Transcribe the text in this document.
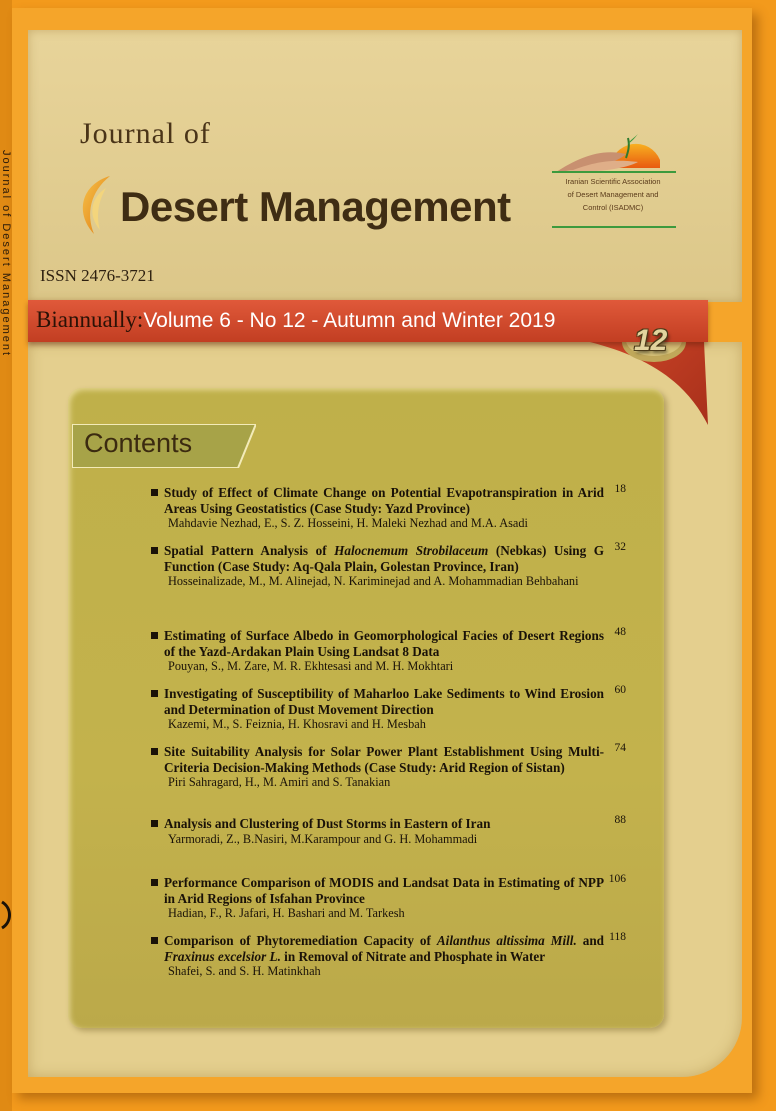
Journal of Desert Management
Journal of
Desert Management
ISSN 2476-3721
Iranian Scientific Association
of Desert Management and
Control (ISADMC)
Biannually:Volume 6 - No 12 - Autumn and Winter 2019
12
Contents
Study of Effect of Climate Change on Potential Evapotranspiration in Arid Areas Using Geostatistics (Case Study: Yazd Province)
Mahdavie Nezhad, E., S. Z. Hosseini, H. Maleki Nezhad and M.A. Asadi
18
Spatial Pattern Analysis of Halocnemum Strobilaceum (Nebkas) Using G Function (Case Study: Aq-Qala Plain, Golestan Province, Iran)
Hosseinalizade, M., M. Alinejad, N. Kariminejad and A. Mohammadian Behbahani
32
Estimating of Surface Albedo in Geomorphological Facies of Desert Regions of the Yazd-Ardakan Plain Using Landsat 8 Data
Pouyan, S., M. Zare, M. R. Ekhtesasi and M. H. Mokhtari
48
Investigating of Susceptibility of Maharloo Lake Sediments to Wind Erosion and Determination of Dust Movement Direction
Kazemi, M., S. Feiznia, H. Khosravi and H. Mesbah
60
Site Suitability Analysis for Solar Power Plant Establishment Using Multi-Criteria Decision-Making Methods (Case Study: Arid Region of Sistan)
Piri Sahragard, H., M. Amiri and S. Tanakian
74
Analysis and Clustering of Dust Storms in Eastern of Iran
Yarmoradi, Z., B.Nasiri, M.Karampour and G. H. Mohammadi
88
Performance Comparison of MODIS and Landsat Data in Estimating of NPP in Arid Regions of Isfahan Province
Hadian, F., R. Jafari, H. Bashari and M. Tarkesh
106
Comparison of Phytoremediation Capacity of Ailanthus altissima Mill. and Fraxinus excelsior L. in Removal of Nitrate and Phosphate in Water
Shafei, S. and S. H. Matinkhah
118
